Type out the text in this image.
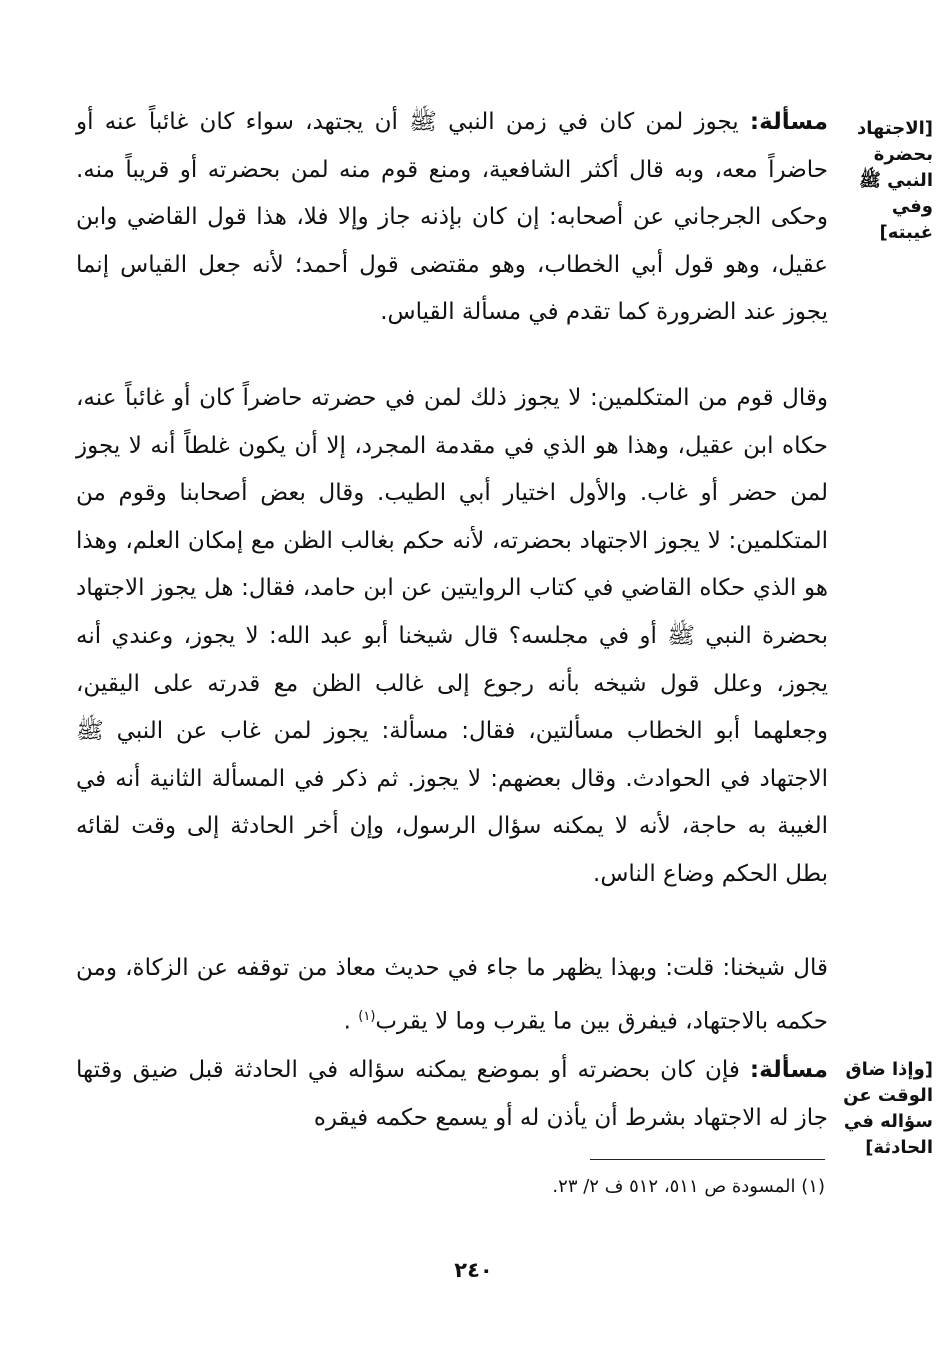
[الاجتهاد بحضرة النبي ﷺ وفي غيبته]

مسألة: يجوز لمن كان في زمن النبي ﷺ أن يجتهد، سواء كان غائباً عنه أو حاضراً معه، وبه قال أكثر الشافعية، ومنع قوم منه لمن بحضرته أو قريباً منه. وحكى الجرجاني عن أصحابه: إن كان بإذنه جاز وإلا فلا، هذا قول القاضي وابن عقيل، وهو قول أبي الخطاب، وهو مقتضى قول أحمد؛ لأنه جعل القياس إنما يجوز عند الضرورة كما تقدم في مسألة القياس.

وقال قوم من المتكلمين: لا يجوز ذلك لمن في حضرته حاضراً كان أو غائباً عنه، حكاه ابن عقيل، وهذا هو الذي في مقدمة المجرد، إلا أن يكون غلطاً أنه لا يجوز لمن حضر أو غاب. والأول اختيار أبي الطيب. وقال بعض أصحابنا وقوم من المتكلمين: لا يجوز الاجتهاد بحضرته، لأنه حكم بغالب الظن مع إمكان العلم، وهذا هو الذي حكاه القاضي في كتاب الروايتين عن ابن حامد، فقال: هل يجوز الاجتهاد بحضرة النبي ﷺ أو في مجلسه؟ قال شيخنا أبو عبد الله: لا يجوز، وعندي أنه يجوز، وعلل قول شيخه بأنه رجوع إلى غالب الظن مع قدرته على اليقين، وجعلهما أبو الخطاب مسألتين، فقال: مسألة: يجوز لمن غاب عن النبي ﷺ الاجتهاد في الحوادث. وقال بعضهم: لا يجوز. ثم ذكر في المسألة الثانية أنه في الغيبة به حاجة، لأنه لا يمكنه سؤال الرسول، وإن أخر الحادثة إلى وقت لقائه بطل الحكم وضاع الناس.

قال شيخنا: قلت: وبهذا يظهر ما جاء في حديث معاذ من توقفه عن الزكاة، ومن حكمه بالاجتهاد، فيفرق بين ما يقرب وما لا يقرب$^{(١)}$ .

[وإذا ضاق الوقت عن سؤاله في الحادثة]

مسألة: فإن كان بحضرته أو بموضع يمكنه سؤاله في الحادثة قبل ضيق وقتها جاز له الاجتهاد بشرط أن يأذن له أو يسمع حكمه فيقره

(١) المسودة ص ٥١١، ٥١٢ ف ٢/ ٢٣.

٢٤٠
